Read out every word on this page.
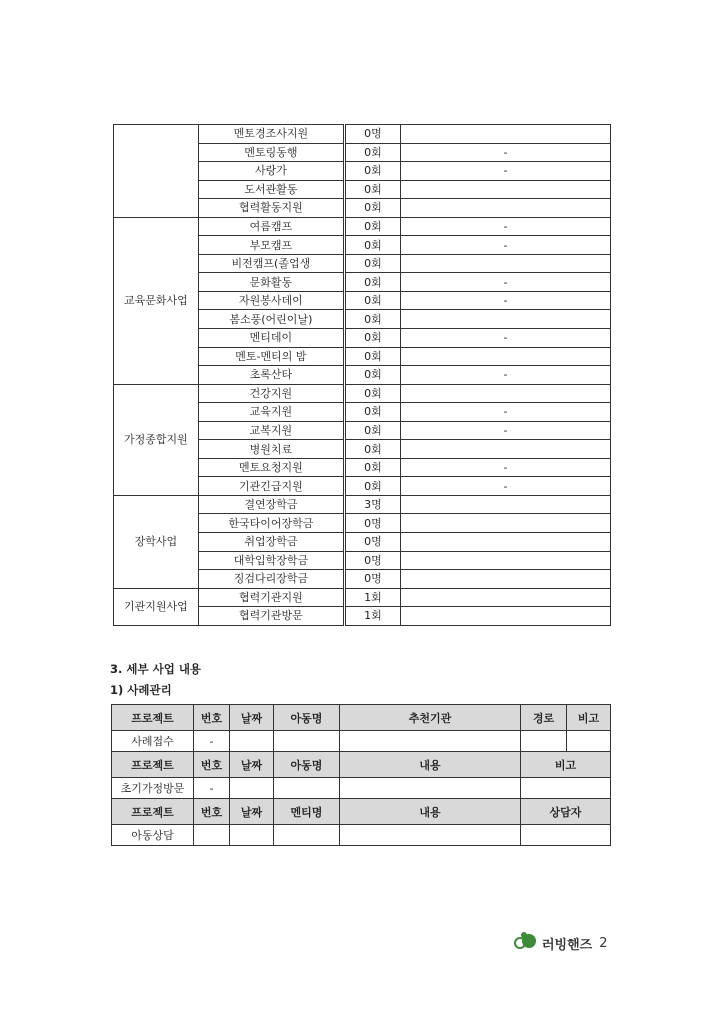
	멘토경조사지원	0명	
	멘토링동행	0회	-
	사랑가	0회	-
	도서관활동	0회	
	협력활동지원	0회	
교육문화사업	여름캠프	0회	-
	부모캠프	0회	-
	비전캠프(졸업생	0회	
	문화활동	0회	-
	자원봉사데이	0회	-
	봄소풍(어린이날)	0회	
	멘티데이	0회	-
	멘토-멘티의 밤	0회	
	초록산타	0회	-
가정종합지원	건강지원	0회	
	교육지원	0회	-
	교복지원	0회	-
	병원치료	0회	
	멘토요청지원	0회	-
	기관긴급지원	0회	-
장학사업	결연장학금	3명	
	한국타이어장학금	0명	
	취업장학금	0명	
	대학입학장학금	0명	
	징검다리장학금	0명	
기관지원사업	협력기관지원	1회	
	협력기관방문	1회	
3. 세부 사업 내용
1) 사례관리
프로젝트	번호	날짜	아동명	추천기관	경로	비고
사례접수	-					
프로젝트	번호	날짜	아동명	내용	비고	
초기가정방문	-					
프로젝트	번호	날짜	멘티명	내용	상담자	
아동상담						
러빙핸즈 2
